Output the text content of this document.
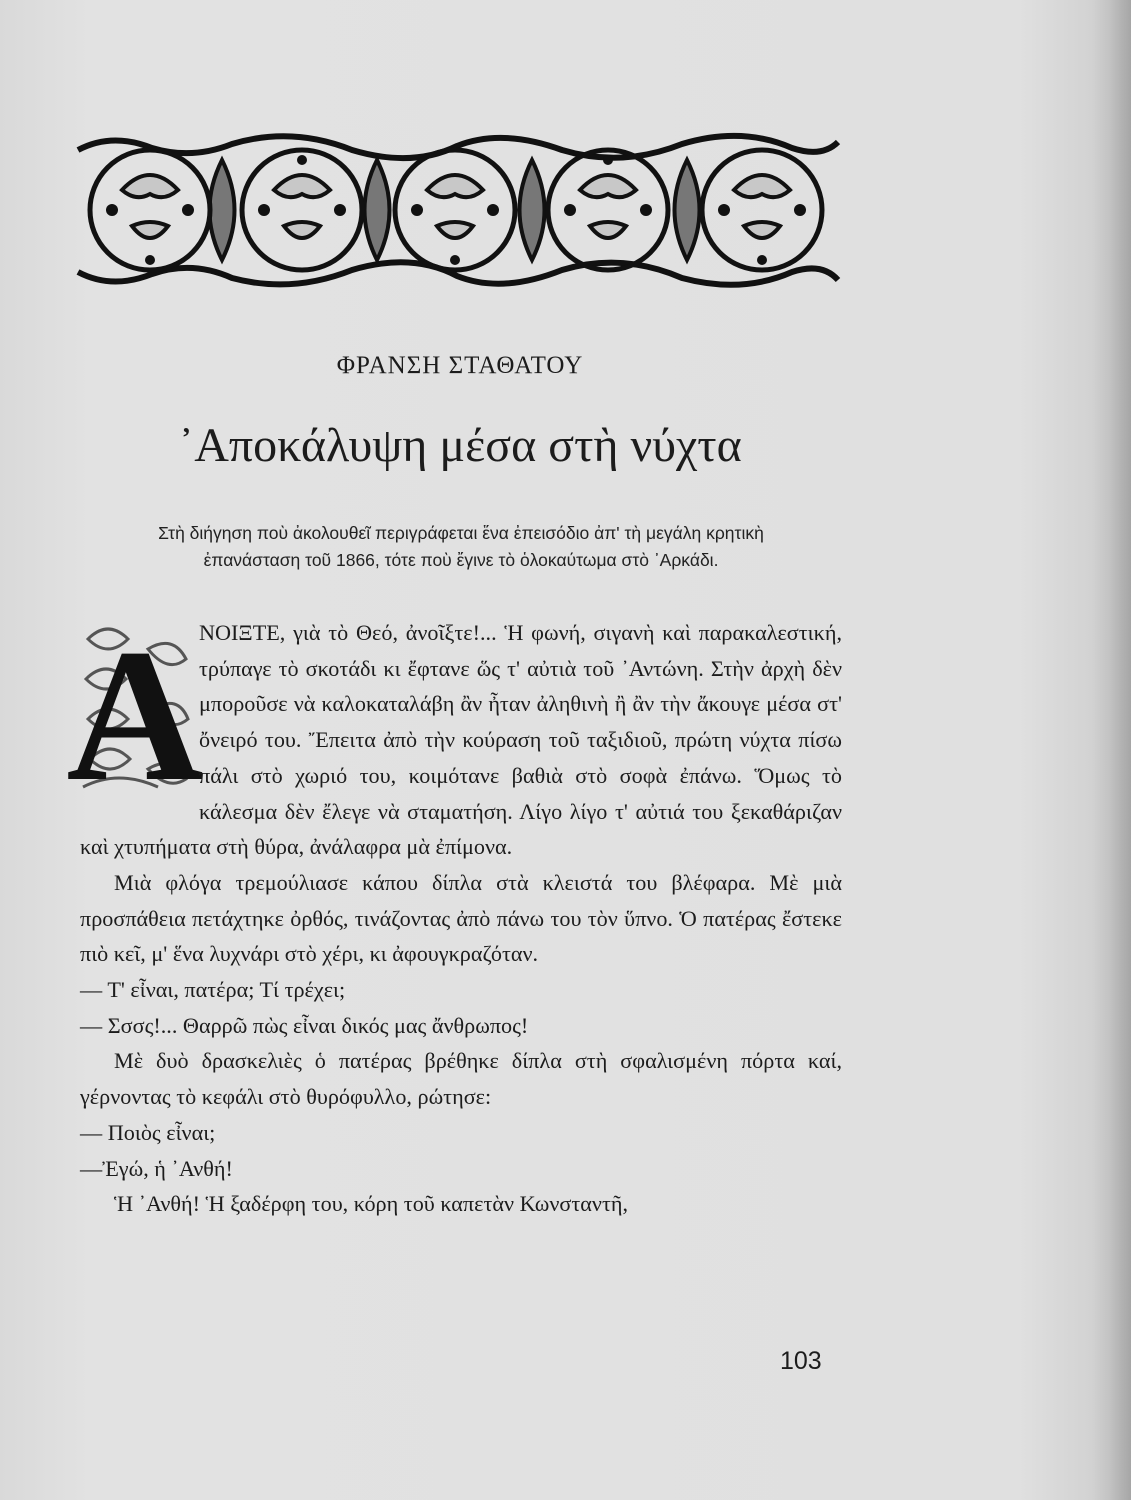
ΦΡΑΝΣΗ ΣΤΑΘΑΤΟΥ
᾿Αποκάλυψη μέσα στὴ νύχτα
Στὴ διήγηση ποὺ ἀκολουθεῖ περιγράφεται ἕνα ἐπεισόδιο ἀπ' τὴ μεγάλη κρητικὴ
ἐπανάσταση τοῦ 1866, τότε ποὺ ἔγινε τὸ ὁλοκαύτωμα στὸ ᾿Αρκάδι.
A

ΝΟΙΞΤΕ, γιὰ τὸ Θεό, ἀνοῖξτε!... Ἡ φωνή, σιγανὴ καὶ παρακαλεστική, τρύπαγε τὸ σκοτάδι κι ἔφτανε ὥς τ' αὐτιὰ τοῦ ᾿Αντώνη. Στὴν ἀρχὴ δὲν μποροῦσε νὰ καλοκαταλάβη ἂν ἦταν ἀληθινὴ ἢ ἂν τὴν ἄκουγε μέσα στ' ὄνειρό του. Ἔπειτα ἀπὸ τὴν κούραση τοῦ ταξιδιοῦ, πρώτη νύχτα πίσω πάλι στὸ χωριό του, κοιμότανε βαθιὰ στὸ σοφὰ ἐπάνω. Ὅμως τὸ κάλεσμα δὲν ἔλεγε νὰ σταματήση. Λίγο λίγο τ' αὐτιά του ξεκαθάριζαν καὶ χτυπήματα στὴ θύρα, ἀνάλαφρα μὰ ἐπίμονα.

Μιὰ φλόγα τρεμούλιασε κάπου δίπλα στὰ κλειστά του βλέφαρα. Μὲ μιὰ προσπάθεια πετάχτηκε ὀρθός, τινάζοντας ἀπὸ πάνω του τὸν ὕπνο. Ὁ πατέρας ἔστεκε πιὸ κεῖ, μ' ἕνα λυχνάρι στὸ χέρι, κι ἀφουγκραζόταν.

— Τ' εἶναι, πατέρα; Τί τρέχει;

— Σσσς!... Θαρρῶ πὼς εἶναι δικός μας ἄνθρωπος!

Μὲ δυὸ δρασκελιὲς ὁ πατέρας βρέθηκε δίπλα στὴ σφαλισμένη πόρτα καί, γέρνοντας τὸ κεφάλι στὸ θυρόφυλλο, ρώτησε:

— Ποιὸς εἶναι;

—Ἐγώ, ἡ ᾿Ανθή!

Ἡ ᾿Ανθή! Ἡ ξαδέρφη του, κόρη τοῦ καπετὰν Κωνσταντῆ,

103
